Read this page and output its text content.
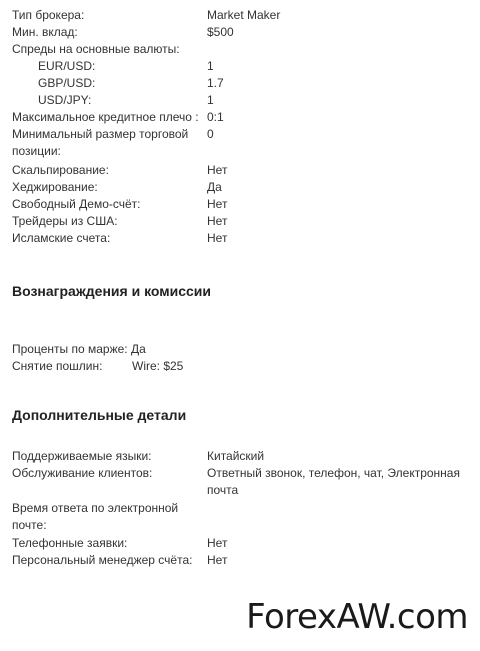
Тип брокера:	Market Maker
Мин. вклад:	$500
Спреды на основные валюты:
EUR/USD:	1
GBP/USD:	1.7
USD/JPY:	1
Максимальное кредитное плечо : 0:1
Минимальный размер торговой позиции:
0
Скальпирование:	Нет
Хеджирование:	Да
Свободный Демо-счёт:	Нет
Трейдеры из США:	Нет
Исламские счета:	Нет
Вознаграждения и комиссии
Проценты по марже: Да
Снятие пошлин: Wire: $25
Дополнительные детали
Поддерживаемые языки:	Китайский
Обслуживание клиентов:	Ответный звонок, телефон, чат, Электронная почта
Время ответа по электронной почте:
Телефонные заявки:	Нет
Персональный менеджер счёта: Нет
ForexAW.com
